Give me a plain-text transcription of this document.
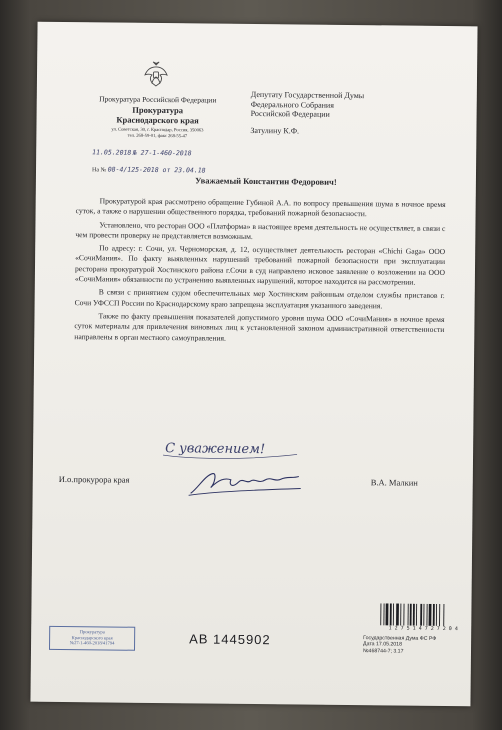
Прокуратура Российской Федерации
Прокуратура
Краснодарского края
ул. Советская, 30, г. Краснодар, Россия, 350063
тел. 268-59-01, факс 268-55-47
11.05.2018 № 27-1-460-2018
На № 08-4/125-2018 от 23.04.18
Депутату Государственной Думы
Федерального Собрания
Российской Федерации
Затулину К.Ф.
Уважаемый Константин Федорович!

Прокуратурой края рассмотрено обращение Губиной А.А. по вопросу превышения шума в ночное время суток, а также о нарушении общественного порядка, требований пожарной безопасности.

Установлено, что ресторан ООО «Платформа» в настоящее время деятельность не осуществляет, в связи с чем провести проверку не представляется возможным.

По адресу: г. Сочи, ул. Черноморская, д. 12, осуществляет деятельность ресторан «Chichi Gaga» ООО «СочиМания». По факту выявленных нарушений требований пожарной безопасности при эксплуатации ресторана прокуратурой Хостинского района г.Сочи в суд направлено исковое заявление о возложении на ООО «СочиМания» обязанности по устранению выявленных нарушений, которое находится на рассмотрении.

В связи с принятием судом обеспечительных мер Хостинским районным отделом службы приставов г. Сочи УФССП России по Краснодарскому краю запрещена эксплуатация указанного заведения.

Также по факту превышения показателей допустимого уровня шума ООО «СочиМания» в ночное время суток материалы для привлечения виновных лиц к установленной законом административной ответственности направлены в орган местного самоуправления.

С уважением!
И.о.прокурора края	В.А. Малкин
Прокуратура
Краснодарского края
№27-1-460-2018/41794	АВ 1445902
1 2 7 5 1 4 7 2 7 2 0 4
Государственная Дума ФС РФ
Дата 17.05.2018
№468744-7; 3.17
